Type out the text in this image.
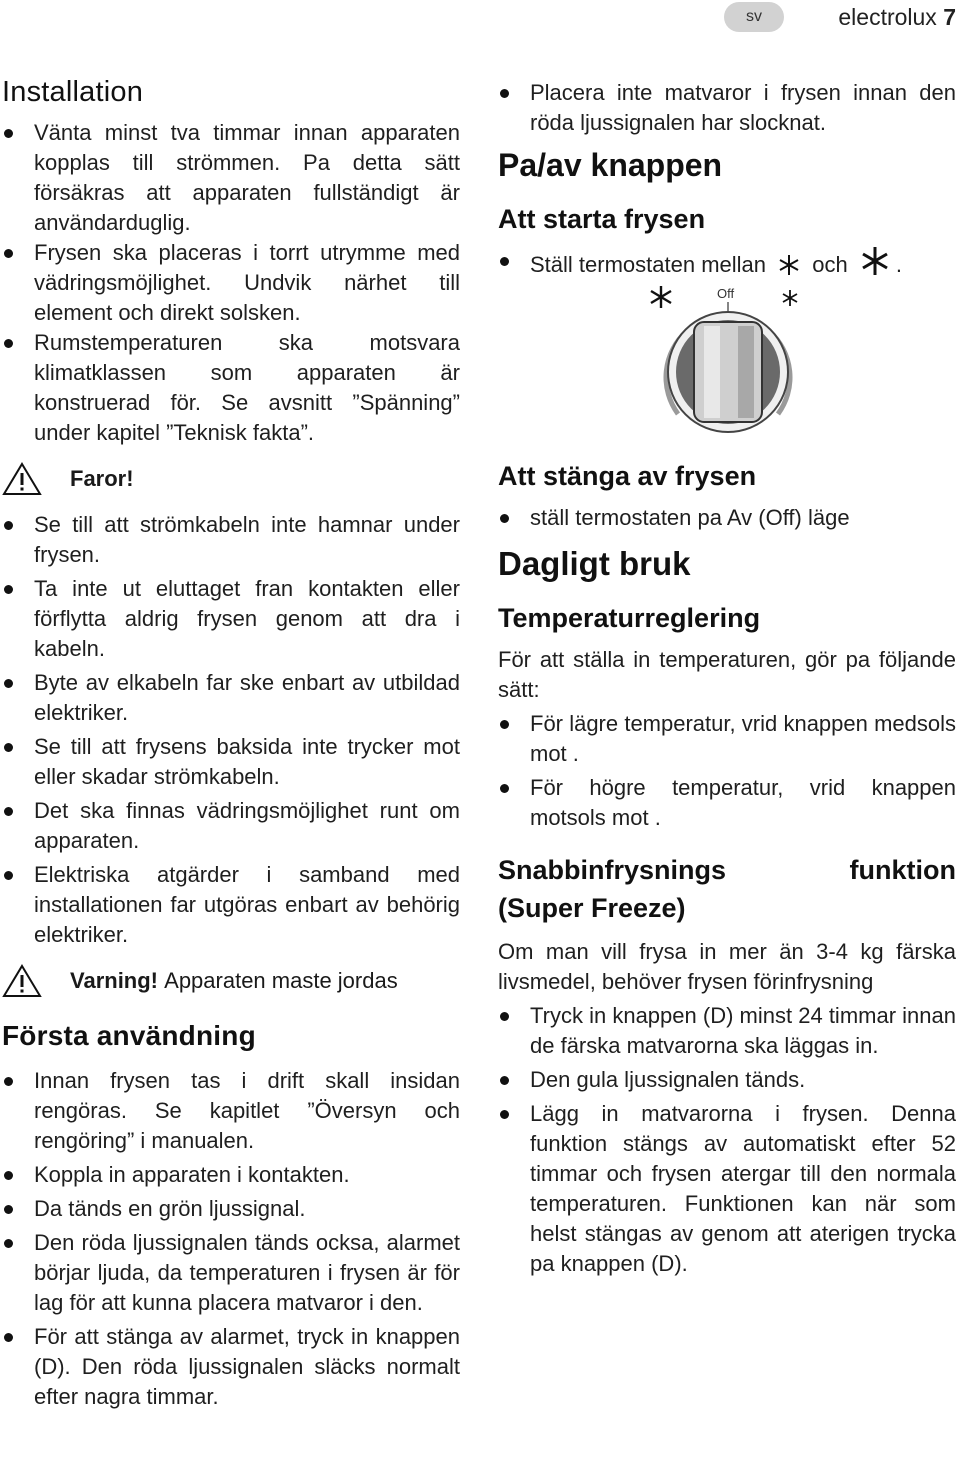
sv	electrolux 7
Installation
Vänta minst tva timmar innan apparaten kopplas till strömmen. Pa detta sätt försäkras att apparaten fullständigt är användarduglig.
Frysen ska placeras i torrt utrymme med vädringsmöjlighet. Undvik närhet till element och direkt solsken.
Rumstemperaturen ska motsvara klimatklassen som apparaten är konstruerad för. Se avsnitt ”Spänning” under kapitel ”Teknisk fakta”.
Faror!
Se till att strömkabeln inte hamnar under frysen.
Ta inte ut eluttaget fran kontakten eller förflytta aldrig frysen genom att dra i kabeln.
Byte av elkabeln far ske enbart av utbildad elektriker.
Se till att frysens baksida inte trycker mot eller skadar strömkabeln.
Det ska finnas vädringsmöjlighet runt om apparaten.
Elektriska atgärder i samband med installationen far utgöras enbart av behörig elektriker.
Varning! Apparaten maste jordas
Första användning
Innan frysen tas i drift skall insidan rengöras. Se kapitlet ”Översyn och rengöring” i manualen.
Koppla in apparaten i kontakten.
Da tänds en grön ljussignal.
Den röda ljussignalen tänds ocksa, alarmet börjar ljuda, da temperaturen i frysen är för lag för att kunna placera matvaror i den.
För att stänga av alarmet, tryck in knappen (D). Den röda ljussignalen släcks normalt efter nagra timmar.
Placera inte matvaror i frysen innan den röda ljussignalen har slocknat.
Pa/av knappen
Att starta frysen
Ställ termostaten mellan och .
Off
Att stänga av frysen
ställ termostaten pa Av (Off) läge
Dagligt bruk
Temperaturreglering

För att ställa in temperaturen, gör pa följande sätt:

För lägre temperatur, vrid knappen medsols mot .
För högre temperatur, vrid knappen motsols mot .
Snabbinfrysnings	funktion
(Super Freeze)

Om man vill frysa in mer än 3-4 kg färska livsmedel, behöver frysen förinfrysning

Tryck in knappen (D) minst 24 timmar innan de färska matvarorna ska läggas in.
Den gula ljussignalen tänds.
Lägg in matvarorna i frysen. Denna funktion stängs av automatiskt efter 52 timmar och frysen atergar till den normala temperaturen. Funktionen kan när som helst stängas av genom att aterigen trycka pa knappen (D).
